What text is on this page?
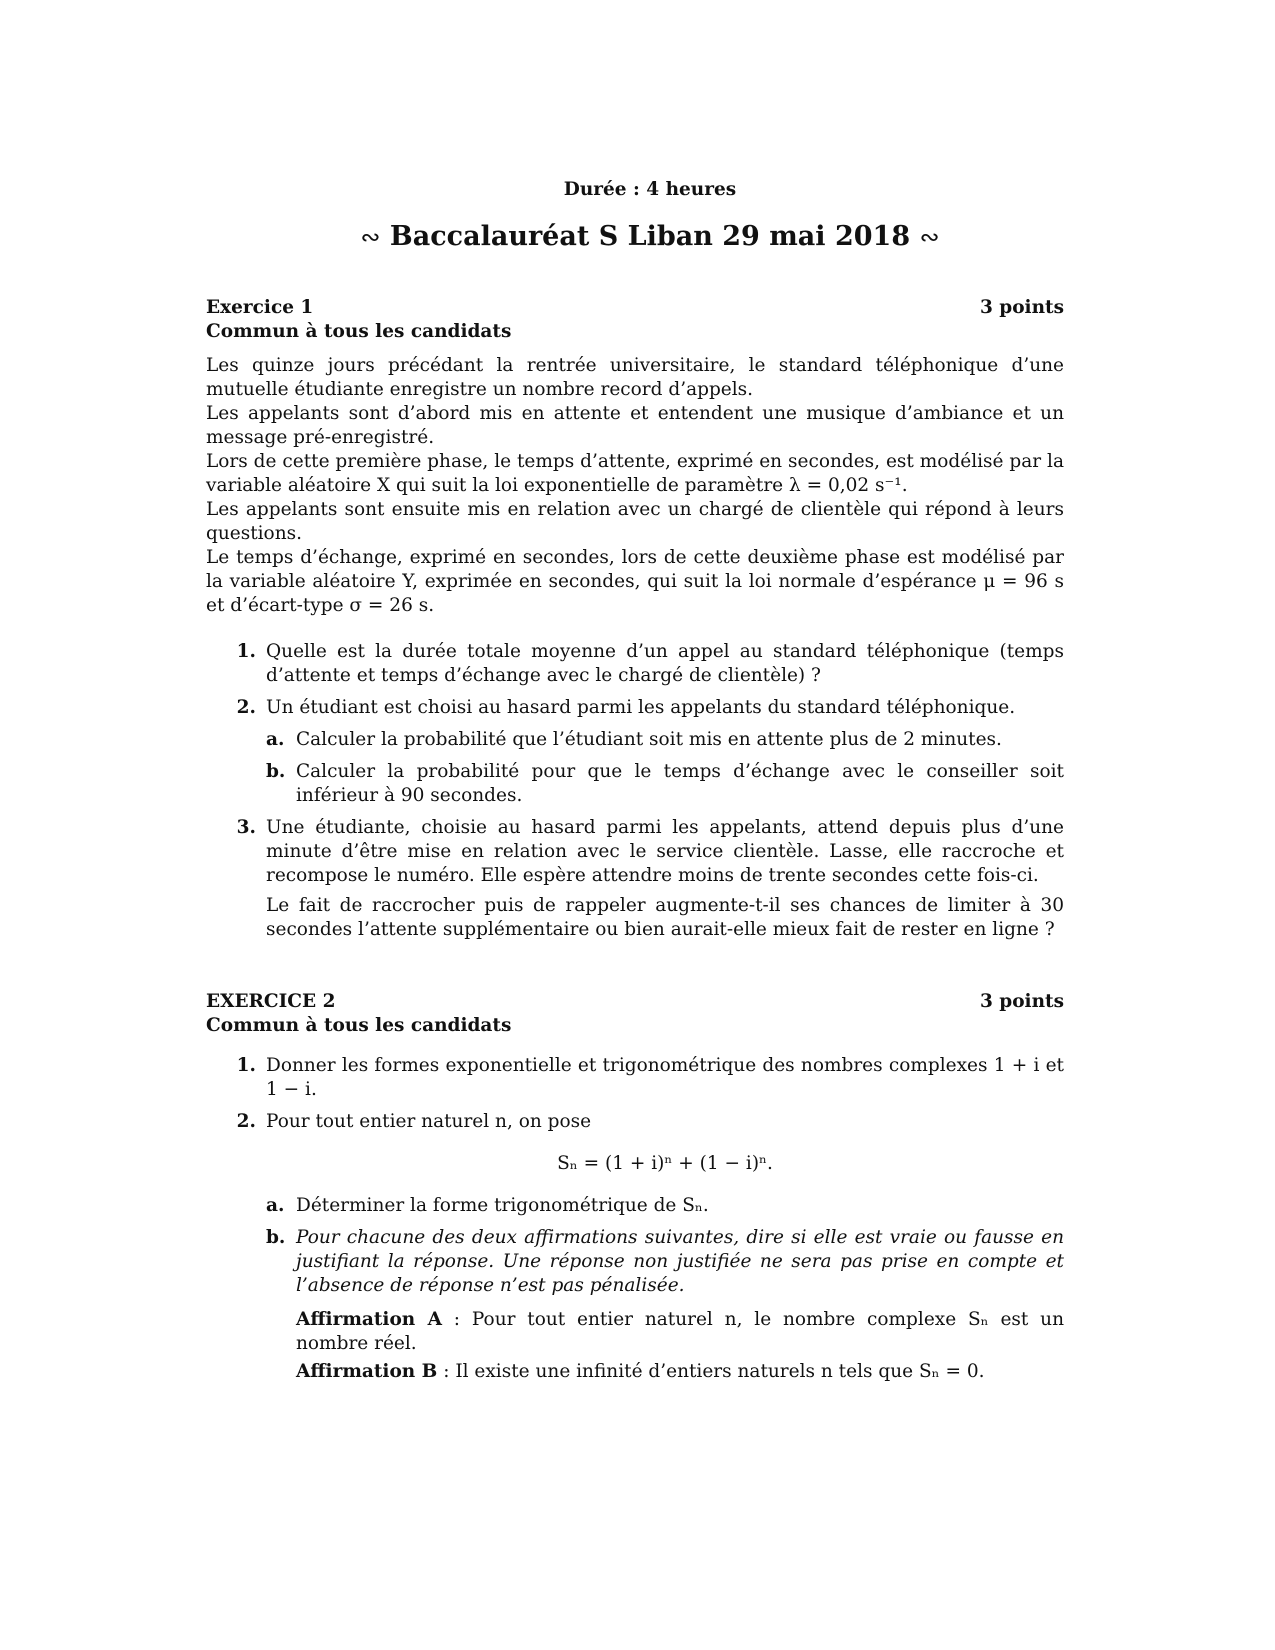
Durée : 4 heures
∾ Baccalauréat S Liban 29 mai 2018 ∾
Exercice 1	3 points
Commun à tous les candidats

Les quinze jours précédant la rentrée universitaire, le standard téléphonique d’une mutuelle étudiante enregistre un nombre record d’appels.

Les appelants sont d’abord mis en attente et entendent une musique d’ambiance et un message pré-enregistré.

Lors de cette première phase, le temps d’attente, exprimé en secondes, est modélisé par la variable aléatoire X qui suit la loi exponentielle de paramètre λ = 0,02 s⁻¹.

Les appelants sont ensuite mis en relation avec un chargé de clientèle qui répond à leurs questions.

Le temps d’échange, exprimé en secondes, lors de cette deuxième phase est modélisé par la variable aléatoire Y, exprimée en secondes, qui suit la loi normale d’espérance μ = 96 s et d’écart-type σ = 26 s.

1. Quelle est la durée totale moyenne d’un appel au standard téléphonique (temps d’attente et temps d’échange avec le chargé de clientèle) ?

2. Un étudiant est choisi au hasard parmi les appelants du standard téléphonique.

a. Calculer la probabilité que l’étudiant soit mis en attente plus de 2 minutes.
b. Calculer la probabilité pour que le temps d’échange avec le conseiller soit inférieur à 90 secondes.
3. Une étudiante, choisie au hasard parmi les appelants, attend depuis plus d’une minute d’être mise en relation avec le service clientèle. Lasse, elle raccroche et recompose le numéro. Elle espère attendre moins de trente secondes cette fois-ci.

Le fait de raccrocher puis de rappeler augmente-t-il ses chances de limiter à 30 secondes l’attente supplémentaire ou bien aurait-elle mieux fait de rester en ligne ?

EXERCICE 2	3 points
Commun à tous les candidats
1. Donner les formes exponentielle et trigonométrique des nombres complexes 1 + i et 1 − i.

2. Pour tout entier naturel n, on pose

Sₙ = (1 + i)ⁿ + (1 − i)ⁿ.
a. Déterminer la forme trigonométrique de Sₙ.
b. Pour chacune des deux affirmations suivantes, dire si elle est vraie ou fausse en justifiant la réponse. Une réponse non justifiée ne sera pas prise en compte et l’absence de réponse n’est pas pénalisée.
Affirmation A : Pour tout entier naturel n, le nombre complexe Sₙ est un nombre réel.
Affirmation B : Il existe une infinité d’entiers naturels n tels que Sₙ = 0.
